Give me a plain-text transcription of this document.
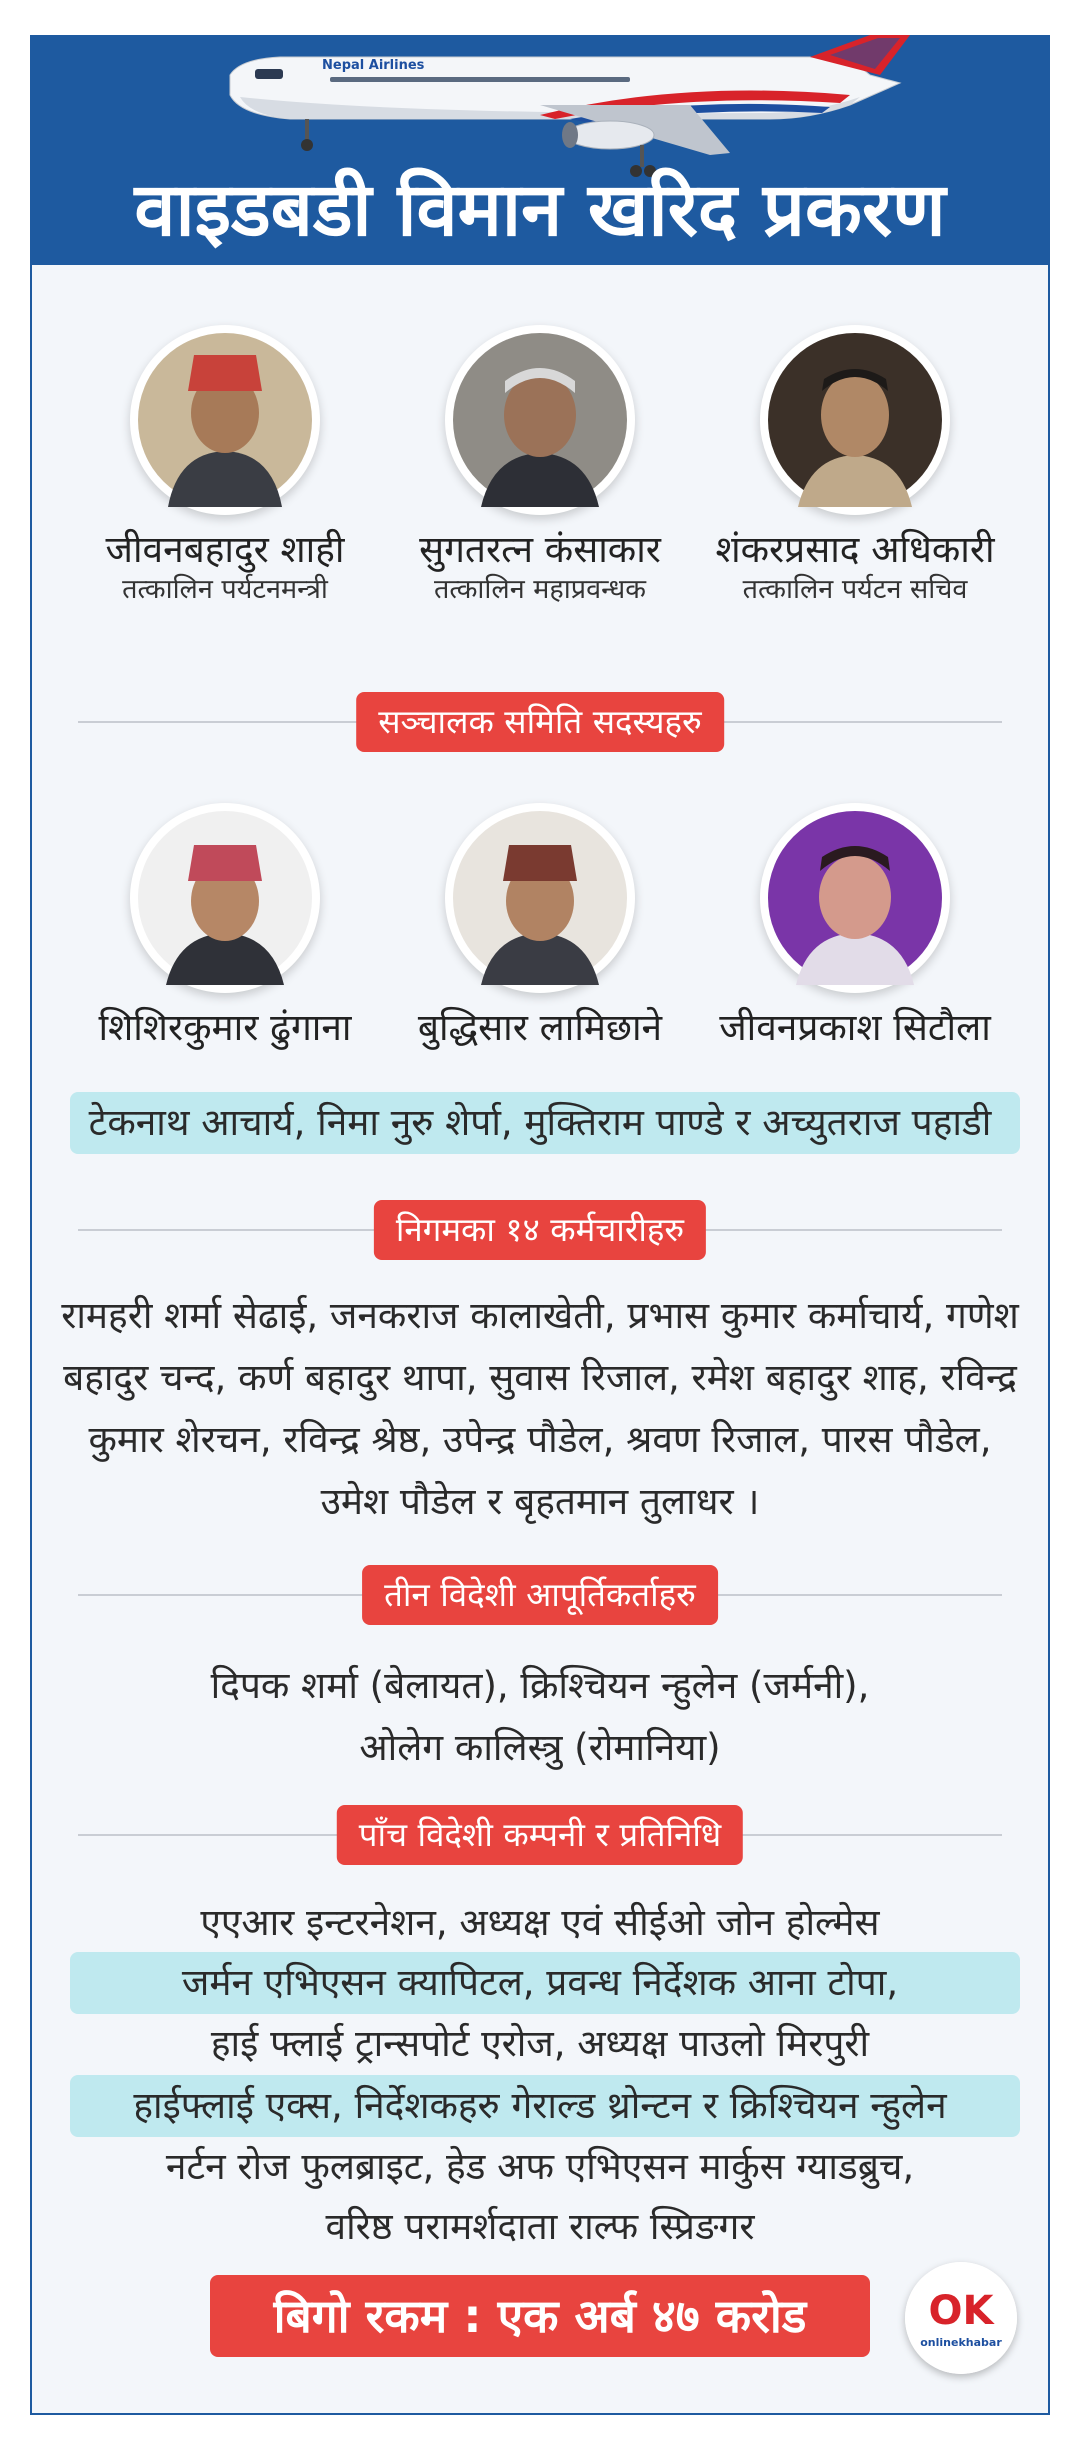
Nepal Airlines
वाइडबडी विमान खरिद प्रकरण
जीवनबहादुर शाही
तत्कालिन पर्यटनमन्त्री
सुगतरत्न कंसाकार
तत्कालिन महाप्रवन्धक
शंकरप्रसाद अधिकारी
तत्कालिन पर्यटन सचिव
सञ्चालक समिति सदस्यहरु
शिशिरकुमार ढुंगाना	बुद्धिसार लामिछाने	जीवनप्रकाश सिटौला
टेकनाथ आचार्य, निमा नुरु शेर्पा, मुक्तिराम पाण्डे र अच्युतराज पहाडी
निगमका १४ कर्मचारीहरु
रामहरी शर्मा सेढाई, जनकराज कालाखेती, प्रभास कुमार कर्माचार्य, गणेश बहादुर चन्द, कर्ण बहादुर थापा, सुवास रिजाल, रमेश बहादुर शाह, रविन्द्र कुमार शेरचन, रविन्द्र श्रेष्ठ, उपेन्द्र पौडेल, श्रवण रिजाल, पारस पौडेल, उमेश पौडेल र बृहतमान तुलाधर ।
तीन विदेशी आपूर्तिकर्ताहरु
दिपक शर्मा (बेलायत), क्रिश्चियन न्हुलेन (जर्मनी), ओलेग कालिस्त्रु (रोमानिया)
पाँच विदेशी कम्पनी र प्रतिनिधि
एएआर इन्टरनेशन, अध्यक्ष एवं सीईओ जोन होल्मेस
जर्मन एभिएसन क्यापिटल, प्रवन्ध निर्देशक आना टोपा,
हाई फ्लाई ट्रान्सपोर्ट एरोज, अध्यक्ष पाउलो मिरपुरी
हाईफ्लाई एक्स, निर्देशकहरु गेराल्ड थ्रोन्टन र क्रिश्चियन न्हुलेन
नर्टन रोज फुलब्राइट, हेड अफ एभिएसन मार्कुस ग्याडब्रुच,
वरिष्ठ परामर्शदाता राल्फ स्प्रिङगर
बिगो रकम : एक अर्ब ४७ करोड	OK
onlinekhabar
